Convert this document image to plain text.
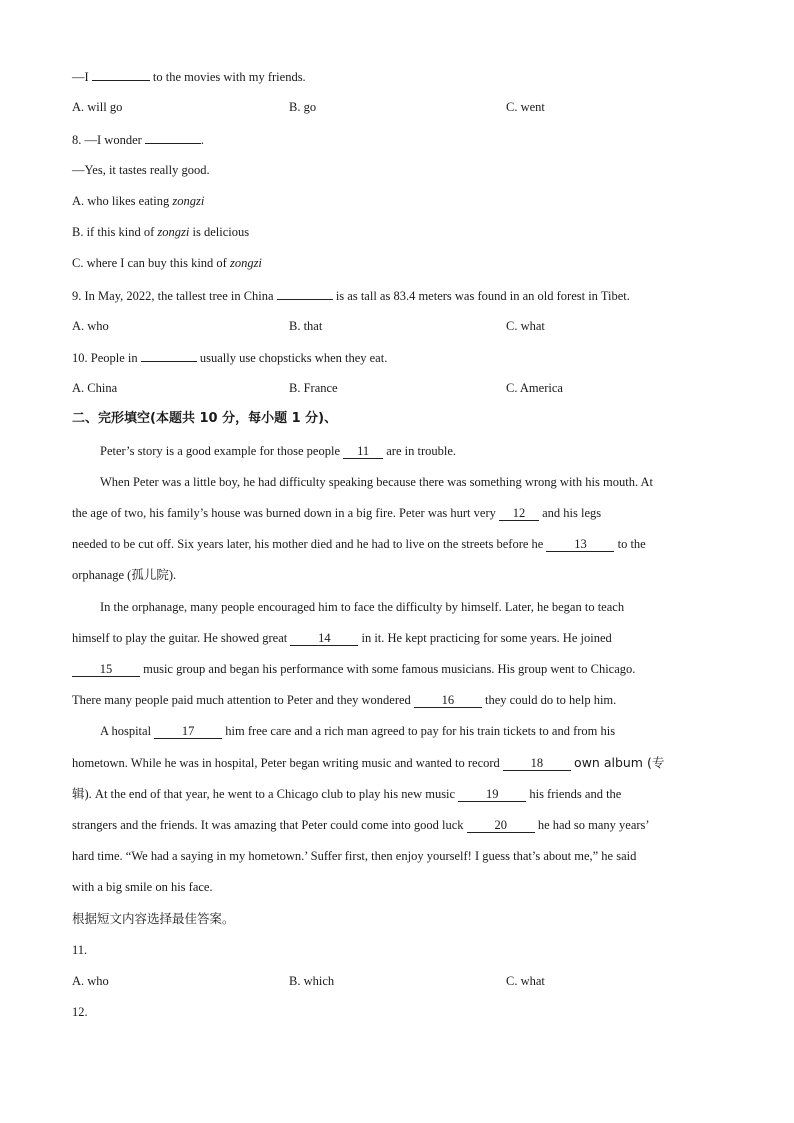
—I	to the movies with my friends.
A. will go	B. go	C. went
8. —I wonder	.
—Yes, it tastes really good.
A. who likes eating zongzi
B. if this kind of zongzi is delicious
C. where I can buy this kind of zongzi
9. In May, 2022, the tallest tree in China	is as tall as 83.4 meters was found in an old forest in Tibet.
A. who	B. that	C. what
10. People in	usually use chopsticks when they eat.
A. China	B. France	C. America
二、完形填空(本题共 10 分，每小题 1 分)、
Peter’s story is a good example for those people 11 are in trouble.
When Peter was a little boy, he had difficulty speaking because there was something wrong with his mouth. At
the age of two, his family’s house was burned down in a big fire. Peter was hurt very 12 and his legs
needed to be cut off. Six years later, his mother died and he had to live on the streets before he 13 to the
orphanage (孤儿院).
In the orphanage, many people encouraged him to face the difficulty by himself. Later, he began to teach
himself to play the guitar. He showed great 14 in it. He kept practicing for some years. He joined
15 music group and began his performance with some famous musicians. His group went to Chicago.
There many people paid much attention to Peter and they wondered 16 they could do to help him.
A hospital 17 him free care and a rich man agreed to pay for his train tickets to and from his
hometown. While he was in hospital, Peter began writing music and wanted to record 18 own album (专
辑). At the end of that year, he went to a Chicago club to play his new music 19 his friends and the
strangers and the friends. It was amazing that Peter could come into good luck 20 he had so many years’
hard time. “We had a saying in my hometown.’ Suffer first, then enjoy yourself! I guess that’s about me,” he said
with a big smile on his face.
根据短文内容选择最佳答案。
11.
A. who	B. which	C. what
12.
